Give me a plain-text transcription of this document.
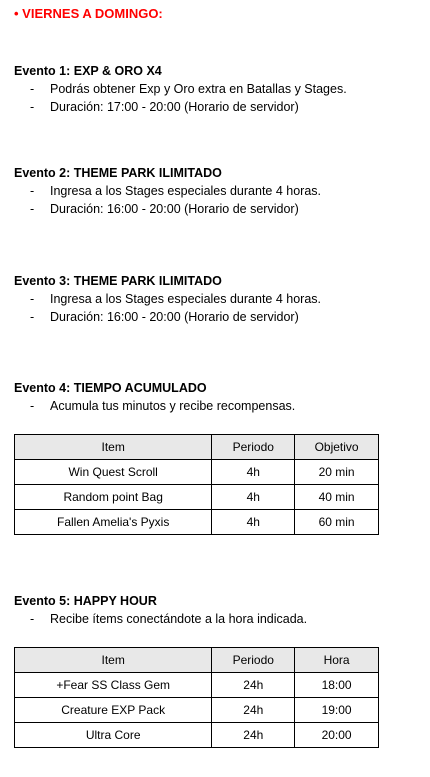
• VIERNES A DOMINGO:
Evento 1: EXP & ORO X4
- Podrás obtener Exp y Oro extra en Batallas y Stages.
- Duración: 17:00 - 20:00 (Horario de servidor)
Evento 2: THEME PARK ILIMITADO
- Ingresa a los Stages especiales durante 4 horas.
- Duración: 16:00 - 20:00 (Horario de servidor)
Evento 3: THEME PARK ILIMITADO
- Ingresa a los Stages especiales durante 4 horas.
- Duración: 16:00 - 20:00 (Horario de servidor)
Evento 4: TIEMPO ACUMULADO
- Acumula tus minutos y recibe recompensas.
Item	Periodo	Objetivo
Win Quest Scroll	4h	20 min
Random point Bag	4h	40 min
Fallen Amelia's Pyxis	4h	60 min
Evento 5: HAPPY HOUR
- Recibe ítems conectándote a la hora indicada.
Item	Periodo	Hora
+Fear SS Class Gem	24h	18:00
Creature EXP Pack	24h	19:00
Ultra Core	24h	20:00
